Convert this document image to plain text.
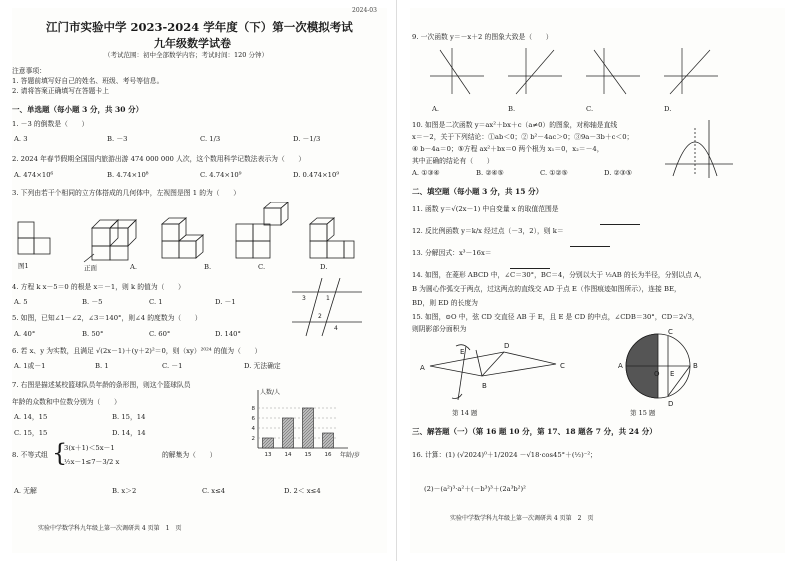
2024-03
江门市实验中学 2023-2024 学年度（下）第一次模拟考试
九年级数学试卷
（考试范围：初中全部数学内容；考试时间：120 分钟）
注意事项：
1. 答题前填写好自己的姓名、班级、考号等信息。
2. 请将答案正确填写在答题卡上
一、单选题（每小题 3 分，共 30 分）
1. －3 的倒数是（　　）
A. 3	B. －3	C. 1/3	D. －1/3
2. 2024 年春节假期全国国内旅游出游 474 000 000 人次，这个数用科学记数法表示为（　　）
A. 474×10⁶	B. 4.74×10⁸	C. 4.74×10⁹	D. 0.474×10⁹
3. 下列由若干个相同的立方体搭成的几何体中，左视图是图 1 的为（　　）
图1	正面	A.	B.	C.	D.
4. 方程 k x－5＝0 的根是 x＝－1，则 k 的值为（　　）
A. 5	B. －5	C. 1	D. －1	3	1
2
4
5. 如图，已知∠1－∠2，∠3＝140°，则∠4 的度数为（　　）
A. 40°	B. 50°	C. 60°	D. 140°
6. 若 x、y 为实数，且满足 √(2x－1)＋(y＋2)²＝0，则（xy）²⁰²⁴ 的值为（　　）
A. 1或－1	B. 1	C. －1	D. 无法确定
7. 右图是描述某校篮球队员年龄的条形图，则这个篮球队员
年龄的众数和中位数分别为（　　）
A. 14，15	B. 15，14
C. 15，15	D. 14，14
人数/人
年龄/岁
2
4
6
8
13 14 15 16
8. 不等式组 {
3(x＋1)＜5x－1
½x－1≤7－3/2 x
的解集为（　　）
A. 无解	B. x＞2	C. x≤4	D. 2＜ x≤4
实验中学数学科九年级上第一次调研共 4 页第　1　页
9. 一次函数 y＝－x＋2 的图象大致是（　　）
A.	B.	C.	D.
10. 如图是二次函数 y＝ax²＋bx＋c（a≠0）的图象，对称轴是直线
x＝－2，关于下列结论：①ab＜0；② b²－4ac＞0；③9a－3b＋c＜0；
④ b－4a＝0；⑤方程 ax²＋bx＝0 两个根为 x₁＝0，x₂＝－4，
其中正确的结论有（　　）
A. ①③④	B. ②④⑤	C. ①②⑤	D. ②③⑤
二、填空题（每小题 3 分，共 15 分）
11. 函数 y＝√(2x－1) 中自变量 x 的取值范围是
12. 反比例函数 y＝k/x 经过点（－3，2），则 k＝
13. 分解因式：x³－16x＝
14. 如图，在菱形 ABCD 中，∠C＝30°，BC＝4，分别以大于 ½AB 的长为半径，分别以点 A，
B 为圆心作弧交于两点，过这两点的直线交 AD 于点 E（作图痕迹如图所示），连接 BE，
BD，则 ED 的长度为
15. 如图，⊙O 中，弦 CD 交直径 AB 于 E，且 E 是 CD 的中点，∠CDB＝30°，CD＝2√3，
则阴影部分面积为
A
E
D
C
B
A
C
O E
B
D
第 14 题	第 15 题
三、解答题（一）（第 16 题 10 分，第 17、18 题各 7 分，共 24 分）
16. 计算：(1) (√2024)⁰＋1/2024 －√18·cos45°＋(½)⁻²；
(2)－(a²)³·a²＋(－b³)³＋(2a³b²)²
实验中学数学科九年级上第一次调研共 4 页第　2　页
